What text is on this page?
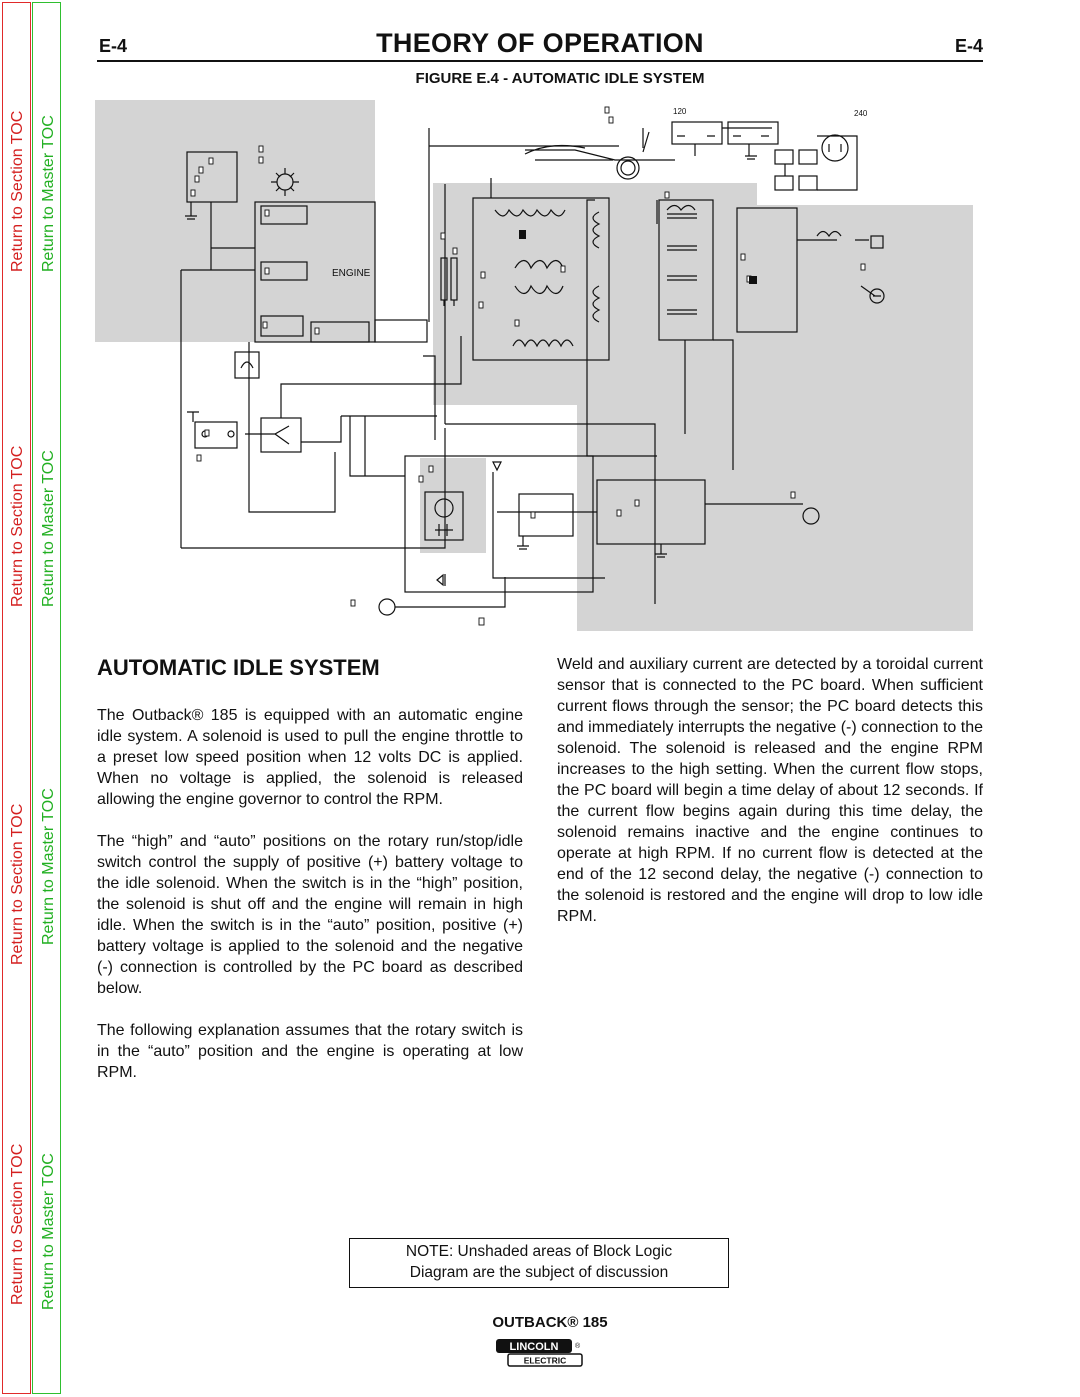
Return to Section TOC
Return to Section TOC
Return to Section TOC
Return to Section TOC
Return to Master TOC
Return to Master TOC
Return to Master TOC
Return to Master TOC
E-4	THEORY OF OPERATION	E-4
FIGURE E.4 - AUTOMATIC IDLE SYSTEM
ENGINE
120	240
AUTOMATIC IDLE SYSTEM

The Outback® 185 is equipped with an automatic engine idle system. A solenoid is used to pull the engine throttle to a preset low speed position when 12 volts DC is applied. When no voltage is applied, the solenoid is released allowing the engine governor to control the RPM.

The “high” and “auto” positions on the rotary run/stop/idle switch control the supply of positive (+) battery voltage to the idle solenoid. When the switch is in the “high” position, the solenoid is shut off and the engine will remain in high idle. When the switch is in the “auto” position, positive (+) battery voltage is applied to the solenoid and the negative (-) connection is controlled by the PC board as described below.

The following explanation assumes that the rotary switch is in the “auto” position and the engine is operating at low RPM.

Weld and auxiliary current are detected by a toroidal current sensor that is connected to the PC board. When sufficient current flows through the sensor; the PC board detects this and immediately interrupts the negative (-) connection to the solenoid. The solenoid is released and the engine RPM increases to the high setting. When the current flow stops, the PC board will begin a time delay of about 12 seconds. If the current flow begins again during this time delay, the solenoid remains inactive and the engine continues to operate at high RPM. If no current flow is detected at the end of the 12 second delay, the negative (-) connection to the solenoid is restored and the engine will drop to low idle RPM.

NOTE: Unshaded areas of Block Logic
Diagram are the subject of discussion
OUTBACK® 185
LINCOLN ®
ELECTRIC
